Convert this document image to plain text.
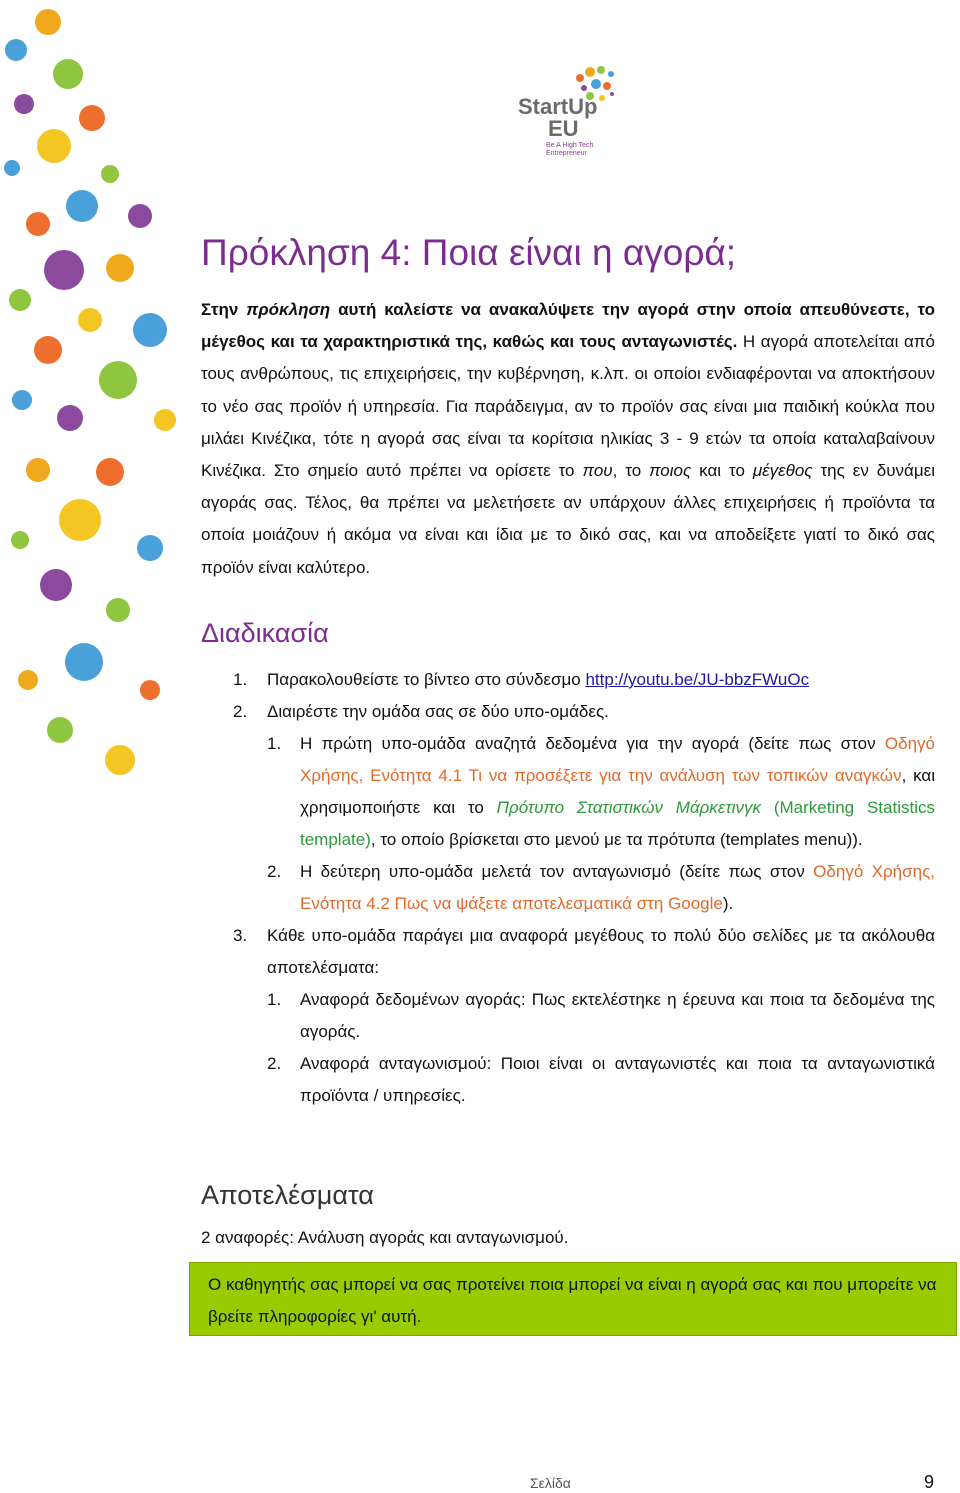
StartUp
EU
Be A High Tech
Entrepreneur
Πρόκληση 4: Ποια είναι η αγορά;
Στην πρόκληση αυτή καλείστε να ανακαλύψετε την αγορά στην οποία απευθύνεστε, το μέγεθος και τα χαρακτηριστικά της, καθώς και τους ανταγωνιστές. Η αγορά αποτελείται από τους ανθρώπους, τις επιχειρήσεις, την κυβέρνηση, κ.λπ. οι οποίοι ενδιαφέρονται να αποκτήσουν το νέο σας προϊόν ή υπηρεσία. Για παράδειγμα, αν το προϊόν σας είναι μια παιδική κούκλα που μιλάει Κινέζικα, τότε η αγορά σας είναι τα κορίτσια ηλικίας 3 - 9 ετών τα οποία καταλαβαίνουν Κινέζικα. Στο σημείο αυτό πρέπει να ορίσετε το πoυ, το ποιος και το μέγεθος της εν δυνάμει αγοράς σας. Τέλος, θα πρέπει να μελετήσετε αν υπάρχουν άλλες επιχειρήσεις ή προϊόντα τα οποία μοιάζουν ή ακόμα να είναι και ίδια με το δικό σας, και να αποδείξετε γιατί το δικό σας προϊόν είναι καλύτερο.
Διαδικασία
1. Παρακολουθείστε το βίντεο στο σύνδεσμο http://youtu.be/JU-bbzFWuOc
2. Διαιρέστε την ομάδα σας σε δύο υπο-ομάδες.
1. Η πρώτη υπο-ομάδα αναζητά δεδομένα για την αγορά (δείτε πως στον Οδηγό Χρήσης, Ενότητα 4.1 Τι να προσέξετε για την ανάλυση των τοπικών αναγκών, και χρησιμοποιήστε και το Πρότυπο Στατιστικών Μάρκετινγκ (Marketing Statistics template), το οποίο βρίσκεται στο μενού με τα πρότυπα (templates menu)).
2. Η δεύτερη υπο-ομάδα μελετά τον ανταγωνισμό (δείτε πως στον Οδηγό Χρήσης, Ενότητα 4.2 Πως να ψάξετε αποτελεσματικά στη Google).
3. Κάθε υπο-ομάδα παράγει μια αναφορά μεγέθους το πολύ δύο σελίδες με τα ακόλουθα αποτελέσματα:
1. Αναφορά δεδομένων αγοράς: Πως εκτελέστηκε η έρευνα και ποια τα δεδομένα της αγοράς.
2. Αναφορά ανταγωνισμού: Ποιοι είναι οι ανταγωνιστές και ποια τα ανταγωνιστικά προϊόντα / υπηρεσίες.
Αποτελέσματα
2 αναφορές: Ανάλυση αγοράς και ανταγωνισμού.
Ο καθηγητής σας μπορεί να σας προτείνει ποια μπορεί να είναι η αγορά σας και που μπορείτε να βρείτε πληροφορίες γι' αυτή.
Σελίδα	9
